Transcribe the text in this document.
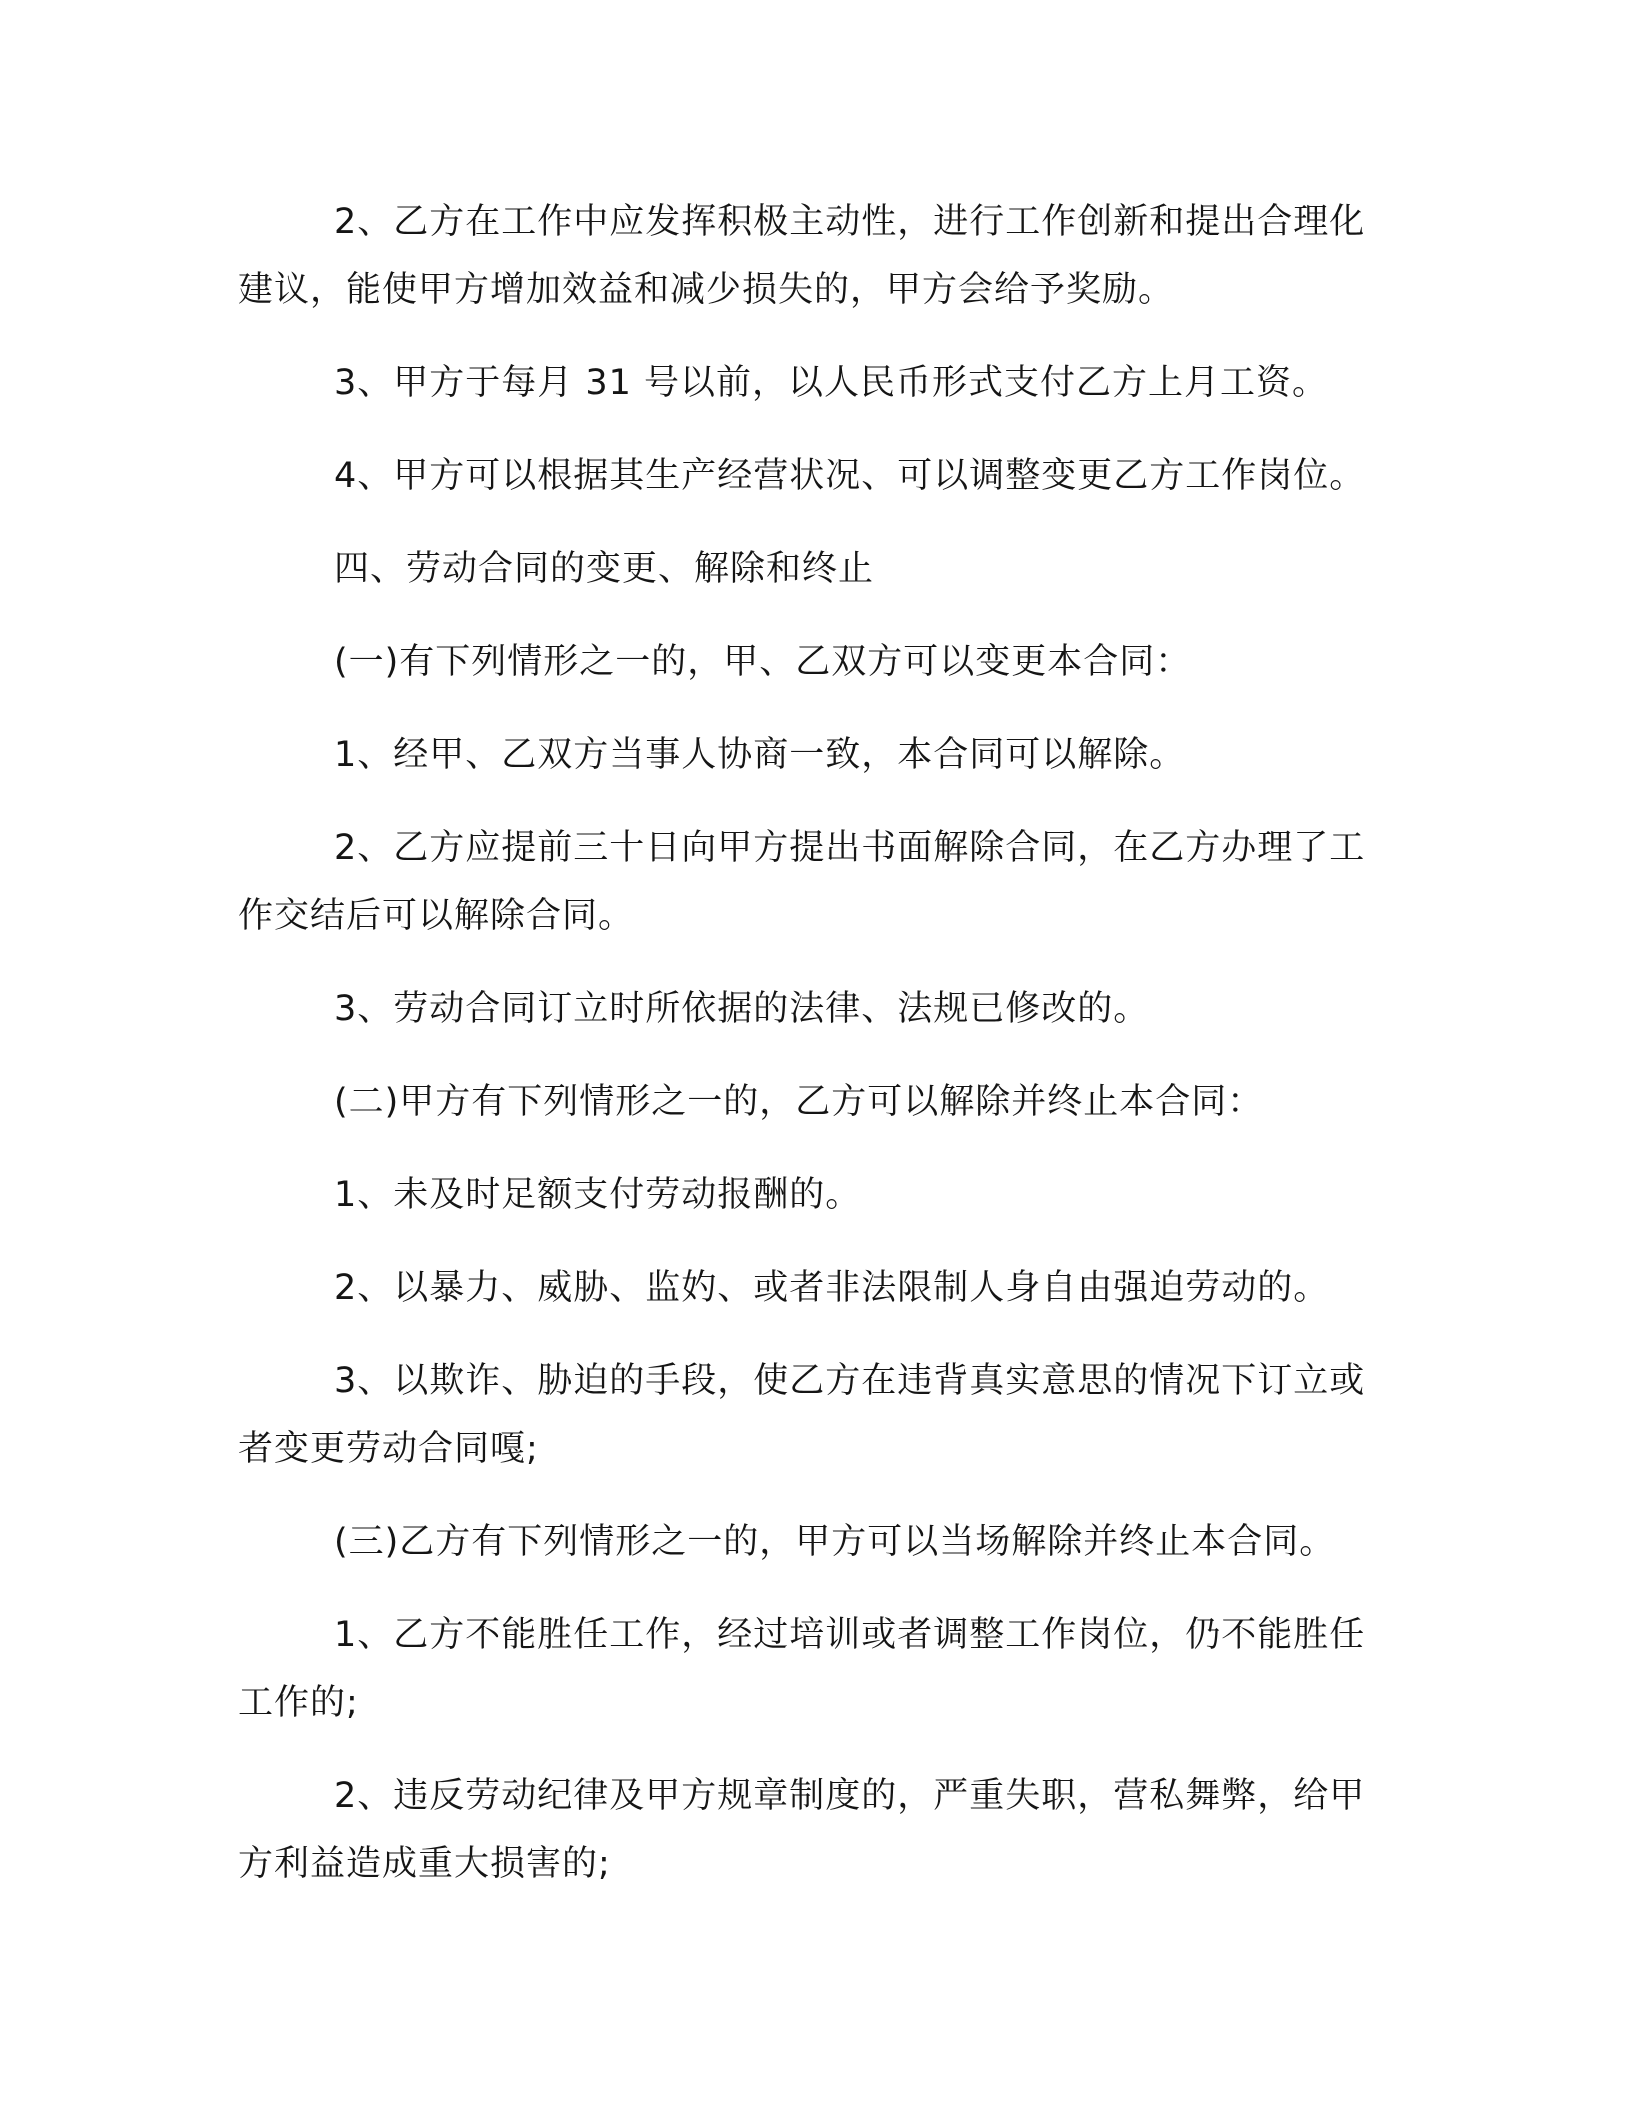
2、乙方在工作中应发挥积极主动性，进行工作创新和提出合理化建议，能使甲方增加效益和减少损失的，甲方会给予奖励。

3、甲方于每月 31 号以前，以人民币形式支付乙方上月工资。

4、甲方可以根据其生产经营状况、可以调整变更乙方工作岗位。

四、劳动合同的变更、解除和终止

(一)有下列情形之一的，甲、乙双方可以变更本合同：

1、经甲、乙双方当事人协商一致，本合同可以解除。

2、乙方应提前三十日向甲方提出书面解除合同，在乙方办理了工作交结后可以解除合同。

3、劳动合同订立时所依据的法律、法规已修改的。

(二)甲方有下列情形之一的，乙方可以解除并终止本合同：

1、未及时足额支付劳动报酬的。

2、以暴力、威胁、监妁、或者非法限制人身自由强迫劳动的。

3、以欺诈、胁迫的手段，使乙方在违背真实意思的情况下订立或者变更劳动合同嘎;

(三)乙方有下列情形之一的，甲方可以当场解除并终止本合同。

1、乙方不能胜任工作，经过培训或者调整工作岗位，仍不能胜任工作的;

2、违反劳动纪律及甲方规章制度的，严重失职，营私舞弊，给甲方利益造成重大损害的;
